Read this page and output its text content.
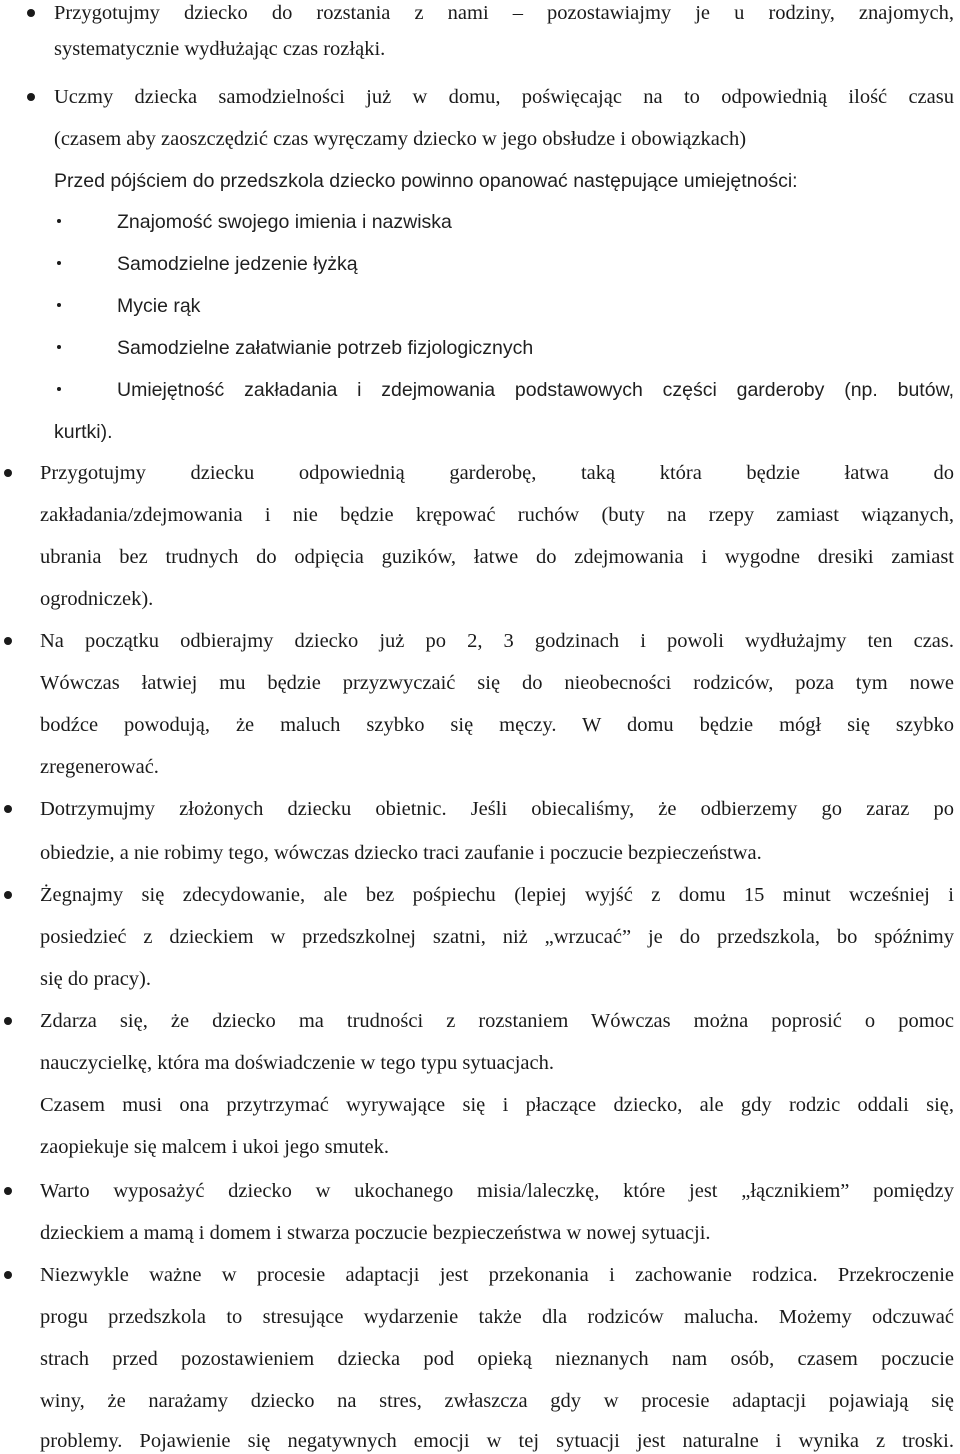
Przygotujmy dziecko do rozstania z nami – pozostawiajmy je u rodziny, znajomych,
systematycznie wydłużając czas rozłąki.
Uczmy dziecka samodzielności już w domu, poświęcając na to odpowiednią ilość czasu
(czasem aby zaoszczędzić czas wyręczamy dziecko w jego obsłudze i obowiązkach)
Przed pójściem do przedszkola dziecko powinno opanować następujące umiejętności:
Znajomość swojego imienia i nazwiska
Samodzielne jedzenie łyżką
Mycie rąk
Samodzielne załatwianie potrzeb fizjologicznych
Umiejętność zakładania i zdejmowania podstawowych części garderoby (np. butów,
kurtki).
Przygotujmy dziecku odpowiednią garderobę, taką która będzie łatwa do
zakładania/zdejmowania i nie będzie krępować ruchów (buty na rzepy zamiast wiązanych,
ubrania bez trudnych do odpięcia guzików, łatwe do zdejmowania i wygodne dresiki zamiast
ogrodniczek).
Na początku odbierajmy dziecko już po 2, 3 godzinach i powoli wydłużajmy ten czas.
Wówczas łatwiej mu będzie przyzwyczaić się do nieobecności rodziców, poza tym nowe
bodźce powodują, że maluch szybko się męczy. W domu będzie mógł się szybko
zregenerować.
Dotrzymujmy złożonych dziecku obietnic. Jeśli obiecaliśmy, że odbierzemy go zaraz po
obiedzie, a nie robimy tego, wówczas dziecko traci zaufanie i poczucie bezpieczeństwa.
Żegnajmy się zdecydowanie, ale bez pośpiechu (lepiej wyjść z domu 15 minut wcześniej i
posiedzieć z dzieckiem w przedszkolnej szatni, niż „wrzucać” je do przedszkola, bo spóźnimy
się do pracy).
Zdarza się, że dziecko ma trudności z rozstaniem Wówczas można poprosić o pomoc
nauczycielkę, która ma doświadczenie w tego typu sytuacjach.
Czasem musi ona przytrzymać wyrywające się i płaczące dziecko, ale gdy rodzic oddali się,
zaopiekuje się malcem i ukoi jego smutek.
Warto wyposażyć dziecko w ukochanego misia/laleczkę, które jest „łącznikiem” pomiędzy
dzieckiem a mamą i domem i stwarza poczucie bezpieczeństwa w nowej sytuacji.
Niezwykle ważne w procesie adaptacji jest przekonania i zachowanie rodzica. Przekroczenie
progu przedszkola to stresujące wydarzenie także dla rodziców malucha. Możemy odczuwać
strach przed pozostawieniem dziecka pod opieką nieznanych nam osób, czasem poczucie
winy, że narażamy dziecko na stres, zwłaszcza gdy w procesie adaptacji pojawiają się
problemy. Pojawienie się negatywnych emocji w tej sytuacji jest naturalne i wynika z troski.
